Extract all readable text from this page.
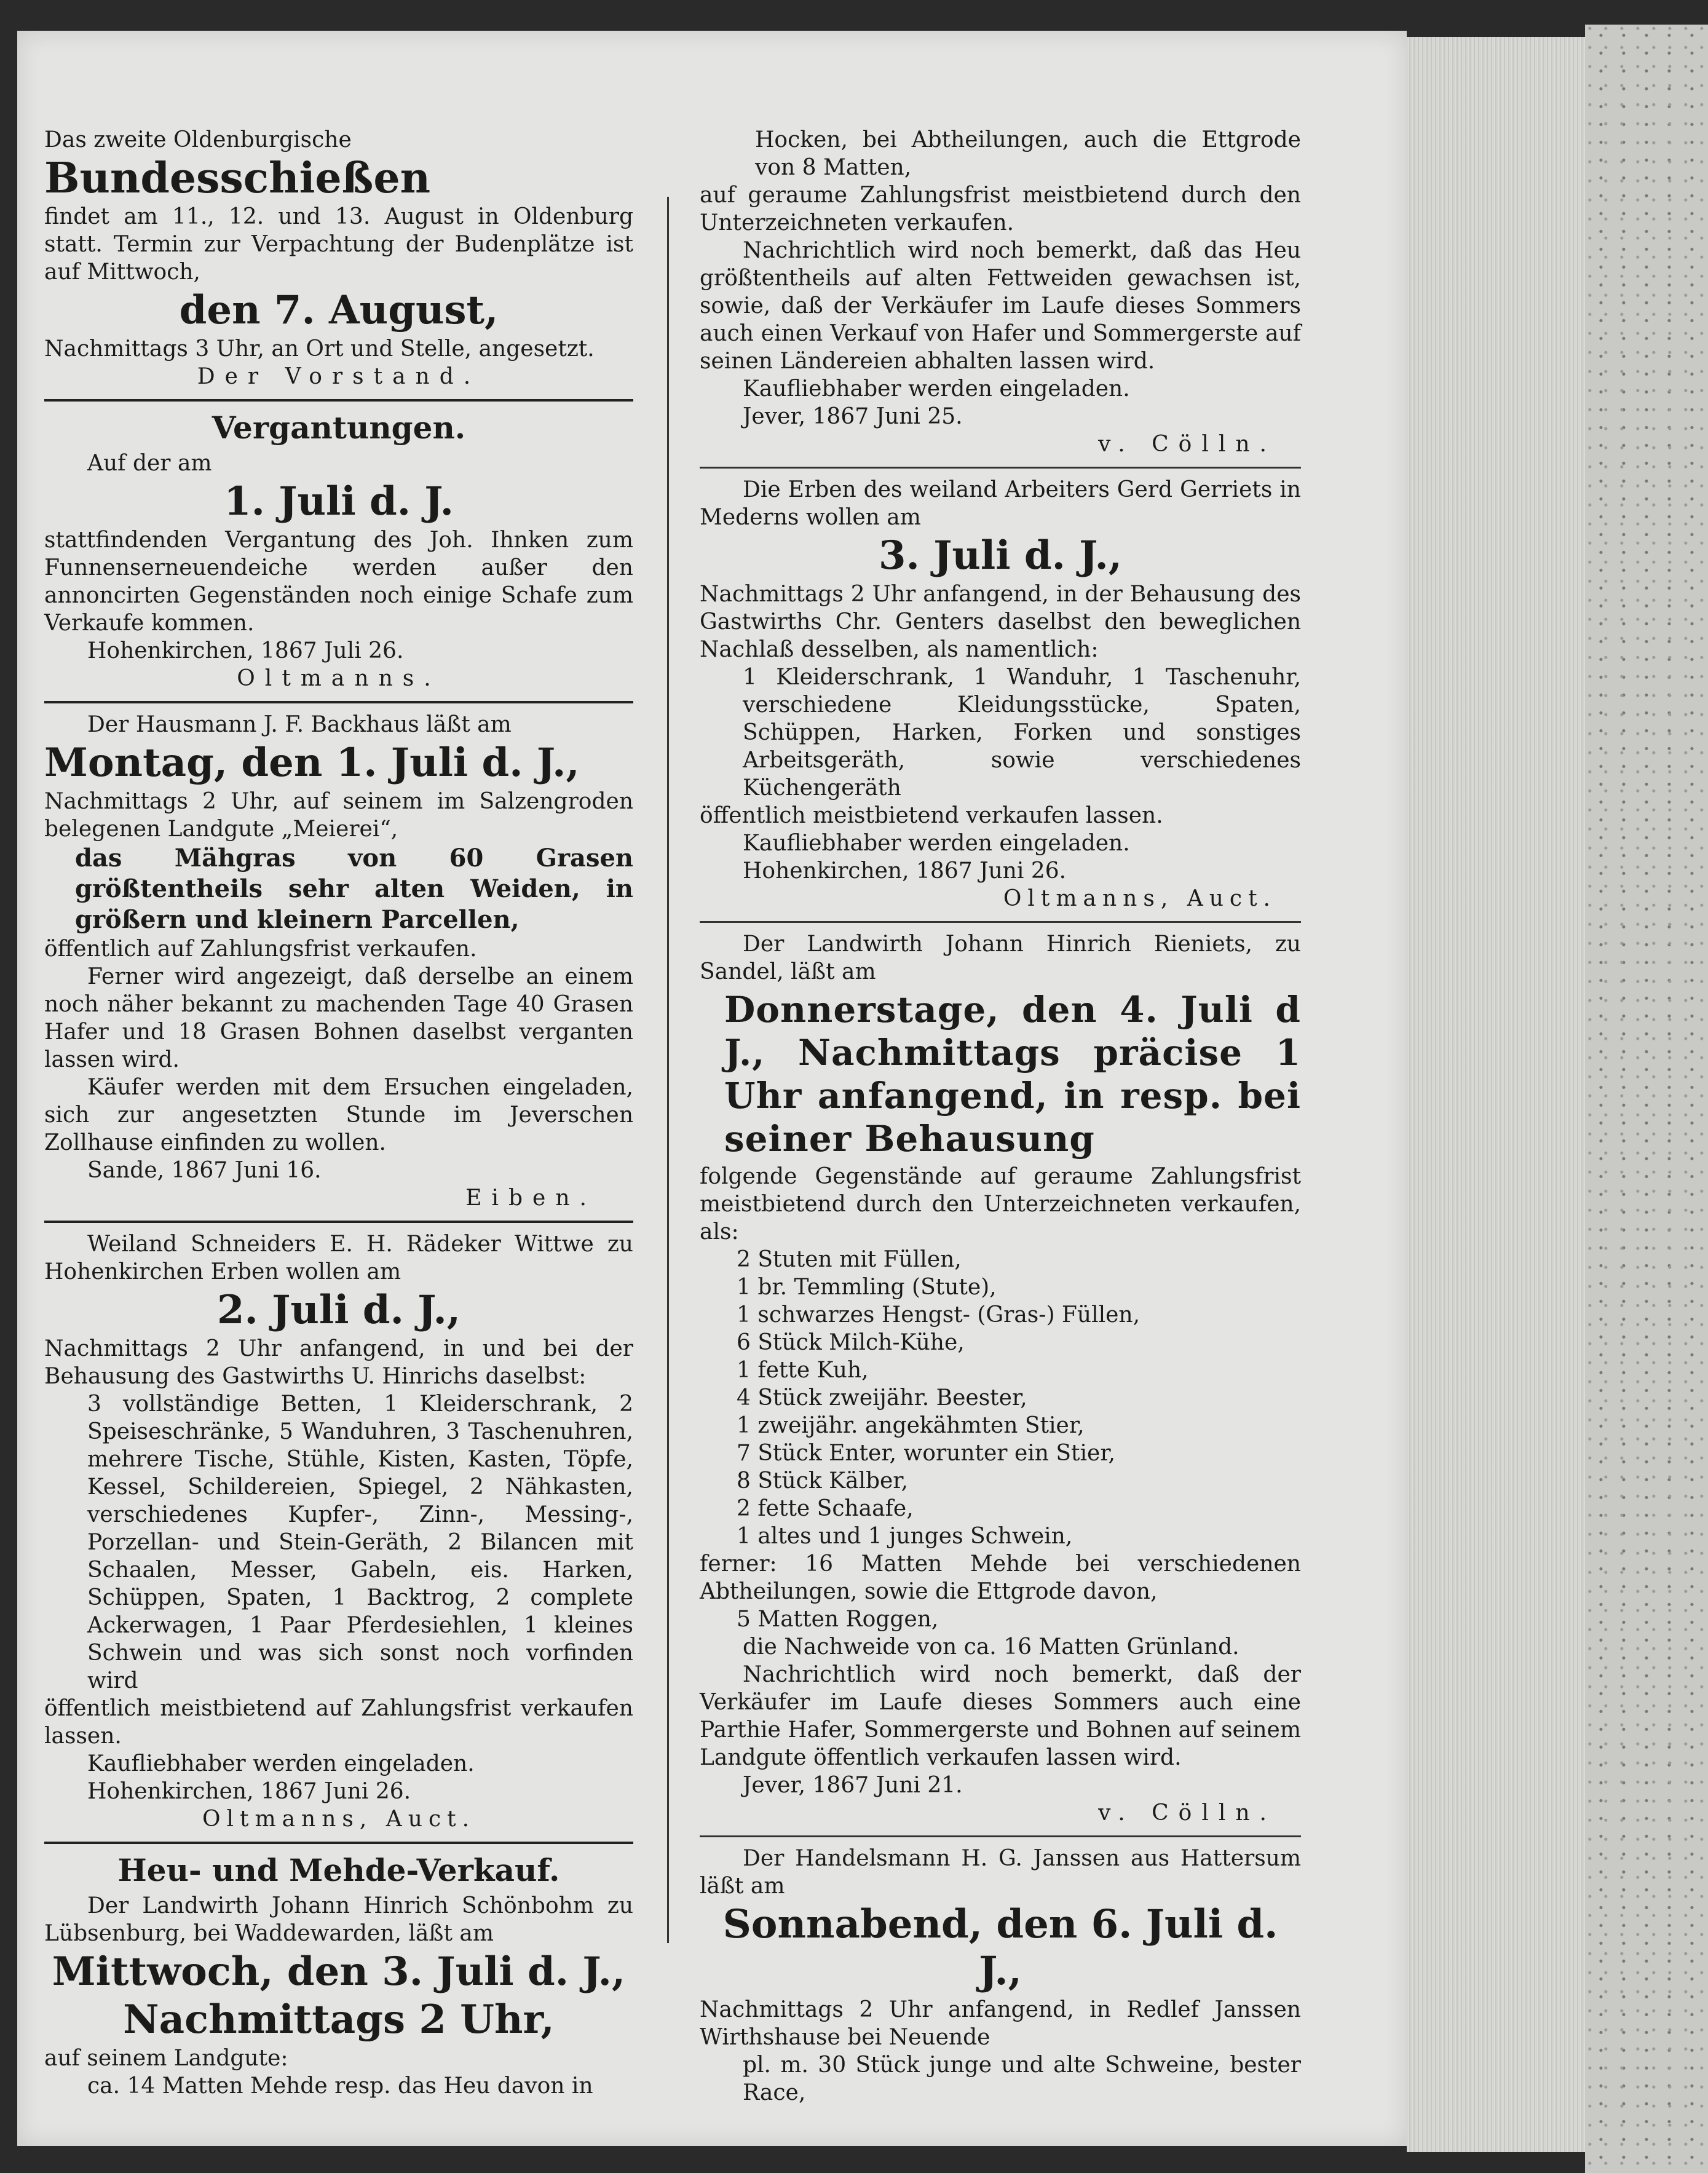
Das zweite Oldenburgische

Bundesschießen

findet am 11., 12. und 13. August in Oldenburg statt. Termin zur Verpachtung der Budenplätze ist auf Mittwoch,

den 7. August,

Nachmittags 3 Uhr, an Ort und Stelle, angesetzt.

Der Vorstand.

Vergantungen.

Auf der am

1. Juli d. J.

stattfindenden Vergantung des Joh. Ihnken zum Funnenserneuendeiche werden außer den annoncirten Gegenständen noch einige Schafe zum Verkaufe kommen.

Hohenkirchen, 1867 Juli 26.

Oltmanns.

Der Hausmann J. F. Backhaus läßt am

Montag, den 1. Juli d. J.,

Nachmittags 2 Uhr, auf seinem im Salzengroden belegenen Landgute „Meierei“,

das Mähgras von 60 Grasen größtentheils sehr alten Weiden, in größern und kleinern Parcellen,

öffentlich auf Zahlungsfrist verkaufen.

Ferner wird angezeigt, daß derselbe an einem noch näher bekannt zu machenden Tage 40 Grasen Hafer und 18 Grasen Bohnen daselbst verganten lassen wird.

Käufer werden mit dem Ersuchen eingeladen, sich zur angesetzten Stunde im Jeverschen Zollhause einfinden zu wollen.

Sande, 1867 Juni 16.

Eiben.

Weiland Schneiders E. H. Rädeker Wittwe zu Hohenkirchen Erben wollen am

2. Juli d. J.,

Nachmittags 2 Uhr anfangend, in und bei der Behausung des Gastwirths U. Hinrichs daselbst:

3 vollständige Betten, 1 Kleiderschrank, 2 Speiseschränke, 5 Wanduhren, 3 Taschenuhren, mehrere Tische, Stühle, Kisten, Kasten, Töpfe, Kessel, Schildereien, Spiegel, 2 Nähkasten, verschiedenes Kupfer-, Zinn-, Messing-, Porzellan- und Stein-Geräth, 2 Bilancen mit Schaalen, Messer, Gabeln, eis. Harken, Schüppen, Spaten, 1 Backtrog, 2 complete Ackerwagen, 1 Paar Pferdesiehlen, 1 kleines Schwein und was sich sonst noch vorfinden wird

öffentlich meistbietend auf Zahlungsfrist verkaufen lassen.

Kaufliebhaber werden eingeladen.

Hohenkirchen, 1867 Juni 26.

Oltmanns, Auct.

Heu- und Mehde-Verkauf.

Der Landwirth Johann Hinrich Schönbohm zu Lübsenburg, bei Waddewarden, läßt am

Mittwoch, den 3. Juli d. J.,
Nachmittags 2 Uhr,

auf seinem Landgute:

ca. 14 Matten Mehde resp. das Heu davon in

Hocken, bei Abtheilungen, auch die Ettgrode von 8 Matten,

auf geraume Zahlungsfrist meistbietend durch den Unterzeichneten verkaufen.

Nachrichtlich wird noch bemerkt, daß das Heu größtentheils auf alten Fettweiden gewachsen ist, sowie, daß der Verkäufer im Laufe dieses Sommers auch einen Verkauf von Hafer und Sommergerste auf seinen Ländereien abhalten lassen wird.

Kaufliebhaber werden eingeladen.

Jever, 1867 Juni 25.

v. Cölln.

Die Erben des weiland Arbeiters Gerd Gerriets in Mederns wollen am

3. Juli d. J.,

Nachmittags 2 Uhr anfangend, in der Behausung des Gastwirths Chr. Genters daselbst den beweglichen Nachlaß desselben, als namentlich:

1 Kleiderschrank, 1 Wanduhr, 1 Taschenuhr, verschiedene Kleidungsstücke, Spaten, Schüppen, Harken, Forken und sonstiges Arbeitsgeräth, sowie verschiedenes Küchengeräth

öffentlich meistbietend verkaufen lassen.

Kaufliebhaber werden eingeladen.

Hohenkirchen, 1867 Juni 26.

Oltmanns, Auct.

Der Landwirth Johann Hinrich Rieniets, zu Sandel, läßt am

Donnerstage, den 4. Juli d J., Nachmittags präcise 1 Uhr anfangend, in resp. bei seiner Behausung

folgende Gegenstände auf geraume Zahlungsfrist meistbietend durch den Unterzeichneten verkaufen, als:

2 Stuten mit Füllen,

1 br. Temmling (Stute),

1 schwarzes Hengst- (Gras-) Füllen,

6 Stück Milch-Kühe,

1 fette Kuh,

4 Stück zweijähr. Beester,

1 zweijähr. angekähmten Stier,

7 Stück Enter, worunter ein Stier,

8 Stück Kälber,

2 fette Schaafe,

1 altes und 1 junges Schwein,

ferner: 16 Matten Mehde bei verschiedenen Abtheilungen, sowie die Ettgrode davon,

5 Matten Roggen,

die Nachweide von ca. 16 Matten Grünland.

Nachrichtlich wird noch bemerkt, daß der Verkäufer im Laufe dieses Sommers auch eine Parthie Hafer, Sommergerste und Bohnen auf seinem Landgute öffentlich verkaufen lassen wird.

Jever, 1867 Juni 21.

v. Cölln.

Der Handelsmann H. G. Janssen aus Hattersum läßt am

Sonnabend, den 6. Juli d. J.,

Nachmittags 2 Uhr anfangend, in Redlef Janssen Wirthshause bei Neuende

pl. m. 30 Stück junge und alte Schweine, bester Race,
